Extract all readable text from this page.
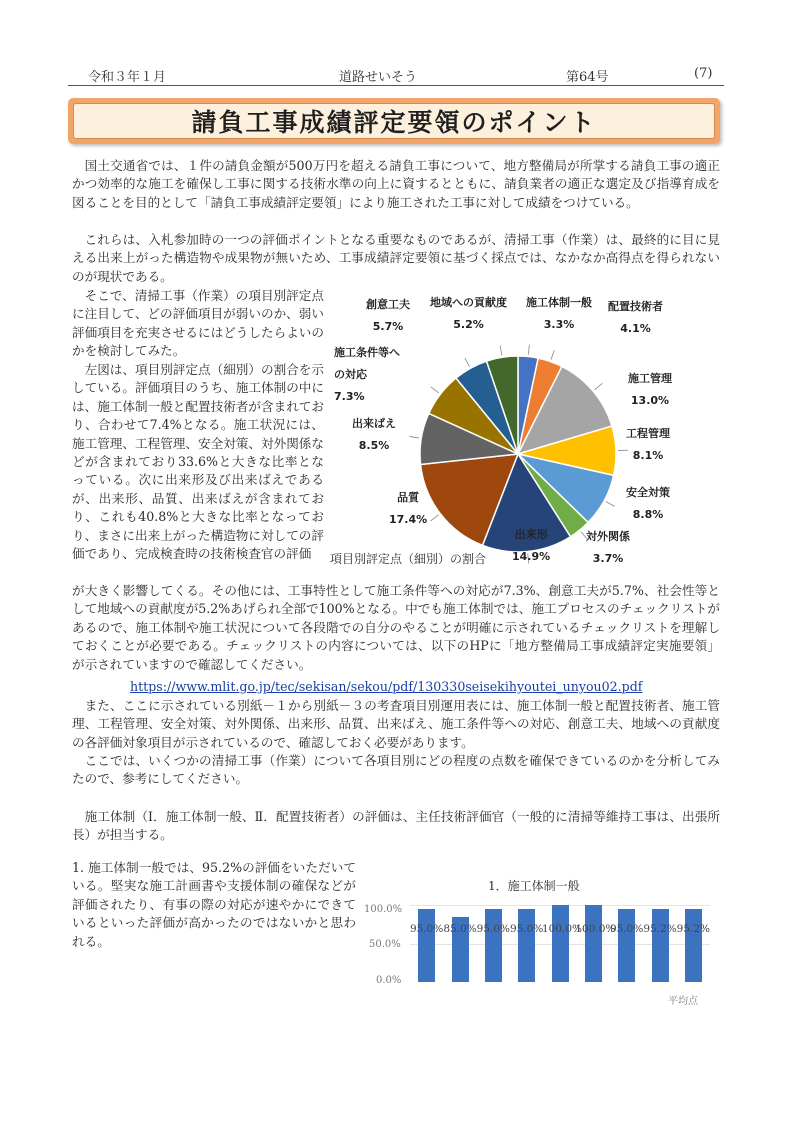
令和３年１月	道路せいそう	第64号	(7)
請負工事成績評定要領のポイント
国土交通省では、１件の請負金額が500万円を超える請負工事について、地方整備局が所掌する請負工事の適正かつ効率的な施工を確保し工事に関する技術水準の向上に資するとともに、請負業者の適正な選定及び指導育成を図ることを目的として「請負工事成績評定要領」により施工された工事に対して成績をつけている。
これらは、入札参加時の一つの評価ポイントとなる重要なものであるが、清掃工事（作業）は、最終的に目に見える出来上がった構造物や成果物が無いため、工事成績評定要領に基づく採点では、なかなか高得点を得られないのが現状である。
そこで、清掃工事（作業）の項目別評定点に注目して、どの評価項目が弱いのか、弱い評価項目を充実させるにはどうしたらよいのかを検討してみた。
左図は、項目別評定点（細別）の割合を示している。評価項目のうち、施工体制の中には、施工体制一般と配置技術者が含まれており、合わせて7.4%となる。施工状況には、施工管理、工程管理、安全対策、対外関係などが含まれており33.6%と大きな比率となっている。次に出来形及び出来ばえであるが、出来形、品質、出来ばえが含まれており、これも40.8%と大きな比率となっており、まさに出来上がった構造物に対しての評価であり、完成検査時の技術検査官の評価	項目別評定点（細別）の割合
施工体制一般
3.3%
配置技術者
4.1%
施工管理
13.0%
工程管理
8.1%
安全対策
8.8%
対外関係
3.7%
出来形
14.9%
品質
17.4%
出来ばえ
8.5%
施工条件等へ
の対応
7.3%
創意工夫
5.7%
地域への貢献度
5.2%
が大きく影響してくる。その他には、工事特性として施工条件等への対応が7.3%、創意工夫が5.7%、社会性等として地域への貢献度が5.2%あげられ全部で100%となる。中でも施工体制では、施工プロセスのチェックリストがあるので、施工体制や施工状況について各段階での自分のやることが明確に示されているチェックリストを理解しておくことが必要である。チェックリストの内容については、以下のHPに「地方整備局工事成績評定実施要領」が示されていますので確認してください。
https://www.mlit.go.jp/tec/sekisan/sekou/pdf/130330seisekihyoutei_unyou02.pdf
また、ここに示されている別紙－１から別紙－３の考査項目別運用表には、施工体制一般と配置技術者、施工管理、工程管理、安全対策、対外関係、出来形、品質、出来ばえ、施工条件等への対応、創意工夫、地域への貢献度の各評価対象項目が示されているので、確認しておく必要があります。
ここでは、いくつかの清掃工事（作業）について各項目別にどの程度の点数を確保できているのかを分析してみたので、参考にしてください。
施工体制（Ⅰ．施工体制一般、Ⅱ．配置技術者）の評価は、主任技術評価官（一般的に清掃等維持工事は、出張所長）が担当する。
1. 施工体制一般では、95.2%の評価をいただいている。堅実な施工計画書や支援体制の確保などが評価されたり、有事の際の対応が速やかにできているといった評価が高かったのではないかと思われる。
1．施工体制一般
100.0%
50.0%
0.0%
95.0% 85.0% 95.0% 95.0%
100.0%
100.0%
95.0% 95.2% 95.2%
平均点
